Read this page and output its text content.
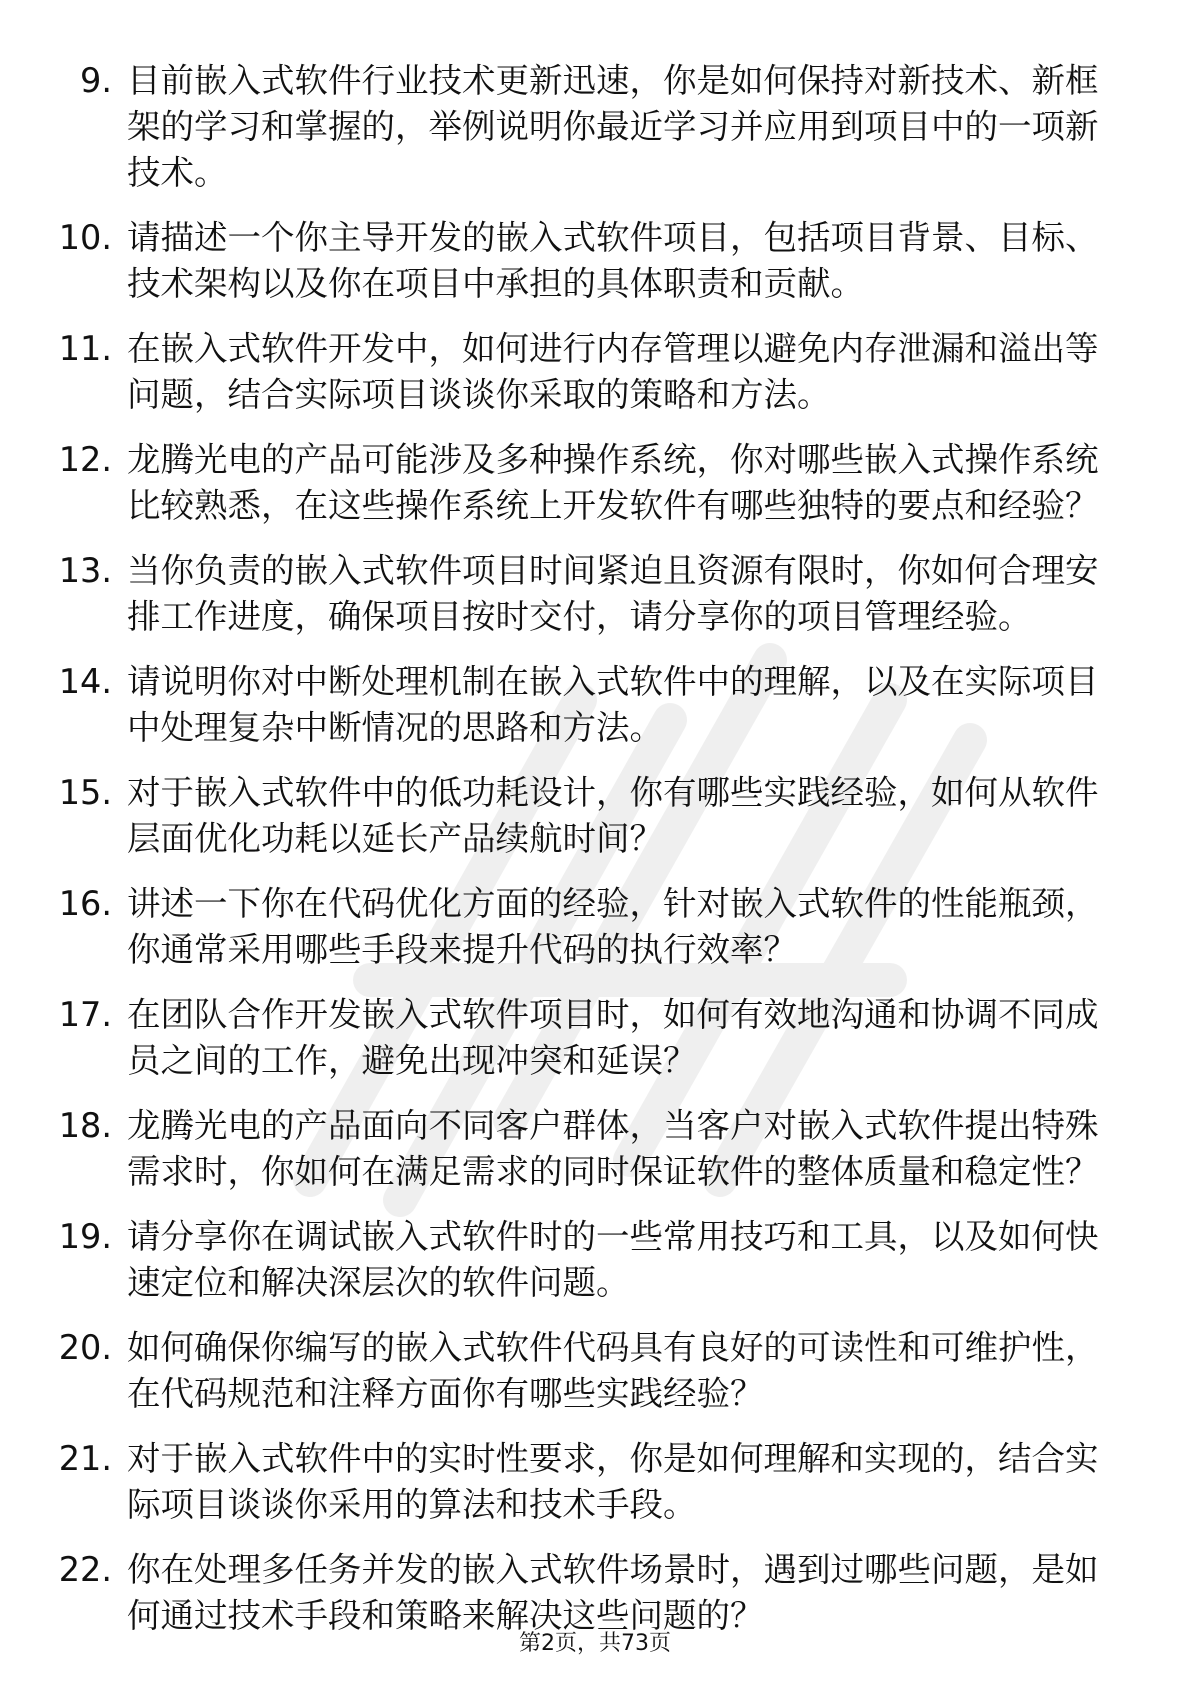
9. 目前嵌入式软件行业技术更新迅速，你是如何保持对新技术、新框架的学习和掌握的，举例说明你最近学习并应用到项目中的一项新技术。
10. 请描述一个你主导开发的嵌入式软件项目，包括项目背景、目标、技术架构以及你在项目中承担的具体职责和贡献。
11. 在嵌入式软件开发中，如何进行内存管理以避免内存泄漏和溢出等问题，结合实际项目谈谈你采取的策略和方法。
12. 龙腾光电的产品可能涉及多种操作系统，你对哪些嵌入式操作系统比较熟悉，在这些操作系统上开发软件有哪些独特的要点和经验？
13. 当你负责的嵌入式软件项目时间紧迫且资源有限时，你如何合理安排工作进度，确保项目按时交付，请分享你的项目管理经验。
14. 请说明你对中断处理机制在嵌入式软件中的理解，以及在实际项目中处理复杂中断情况的思路和方法。
15. 对于嵌入式软件中的低功耗设计，你有哪些实践经验，如何从软件层面优化功耗以延长产品续航时间？
16. 讲述一下你在代码优化方面的经验，针对嵌入式软件的性能瓶颈，你通常采用哪些手段来提升代码的执行效率？
17. 在团队合作开发嵌入式软件项目时，如何有效地沟通和协调不同成员之间的工作，避免出现冲突和延误？
18. 龙腾光电的产品面向不同客户群体，当客户对嵌入式软件提出特殊需求时，你如何在满足需求的同时保证软件的整体质量和稳定性？
19. 请分享你在调试嵌入式软件时的一些常用技巧和工具，以及如何快速定位和解决深层次的软件问题。
20. 如何确保你编写的嵌入式软件代码具有良好的可读性和可维护性，在代码规范和注释方面你有哪些实践经验？
21. 对于嵌入式软件中的实时性要求，你是如何理解和实现的，结合实际项目谈谈你采用的算法和技术手段。
22. 你在处理多任务并发的嵌入式软件场景时，遇到过哪些问题，是如何通过技术手段和策略来解决这些问题的？
第2页，共73页
